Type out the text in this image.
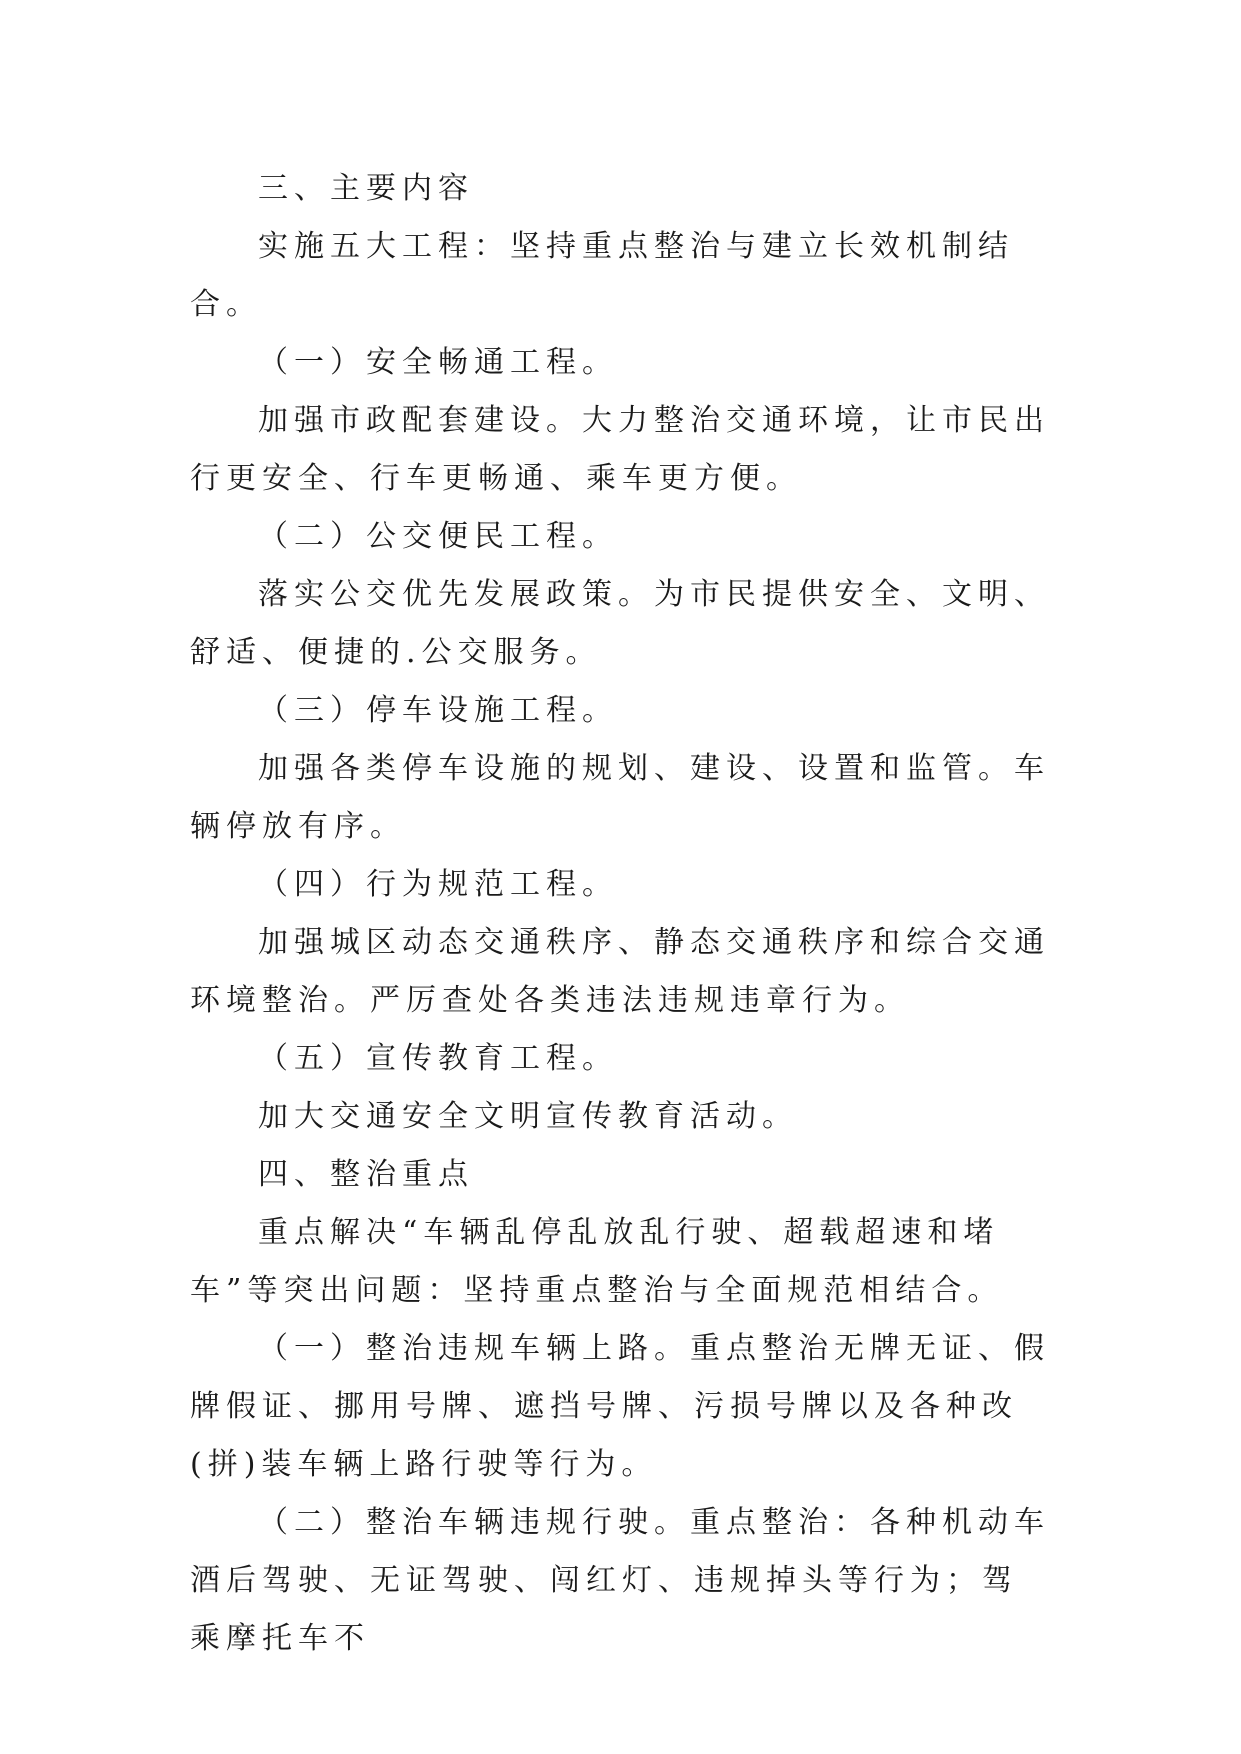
三、主要内容

实施五大工程：坚持重点整治与建立长效机制结合。

（一）安全畅通工程。

加强市政配套建设。大力整治交通环境，让市民出行更安全、行车更畅通、乘车更方便。

（二）公交便民工程。

落实公交优先发展政策。为市民提供安全、文明、舒适、便捷的.公交服务。

（三）停车设施工程。

加强各类停车设施的规划、建设、设置和监管。车辆停放有序。

（四）行为规范工程。

加强城区动态交通秩序、静态交通秩序和综合交通环境整治。严厉查处各类违法违规违章行为。

（五）宣传教育工程。

加大交通安全文明宣传教育活动。

四、整治重点

重点解决“车辆乱停乱放乱行驶、超载超速和堵车”等突出问题：坚持重点整治与全面规范相结合。

（一）整治违规车辆上路。重点整治无牌无证、假牌假证、挪用号牌、遮挡号牌、污损号牌以及各种改(拼)装车辆上路行驶等行为。

（二）整治车辆违规行驶。重点整治：各种机动车酒后驾驶、无证驾驶、闯红灯、违规掉头等行为；驾乘摩托车不
